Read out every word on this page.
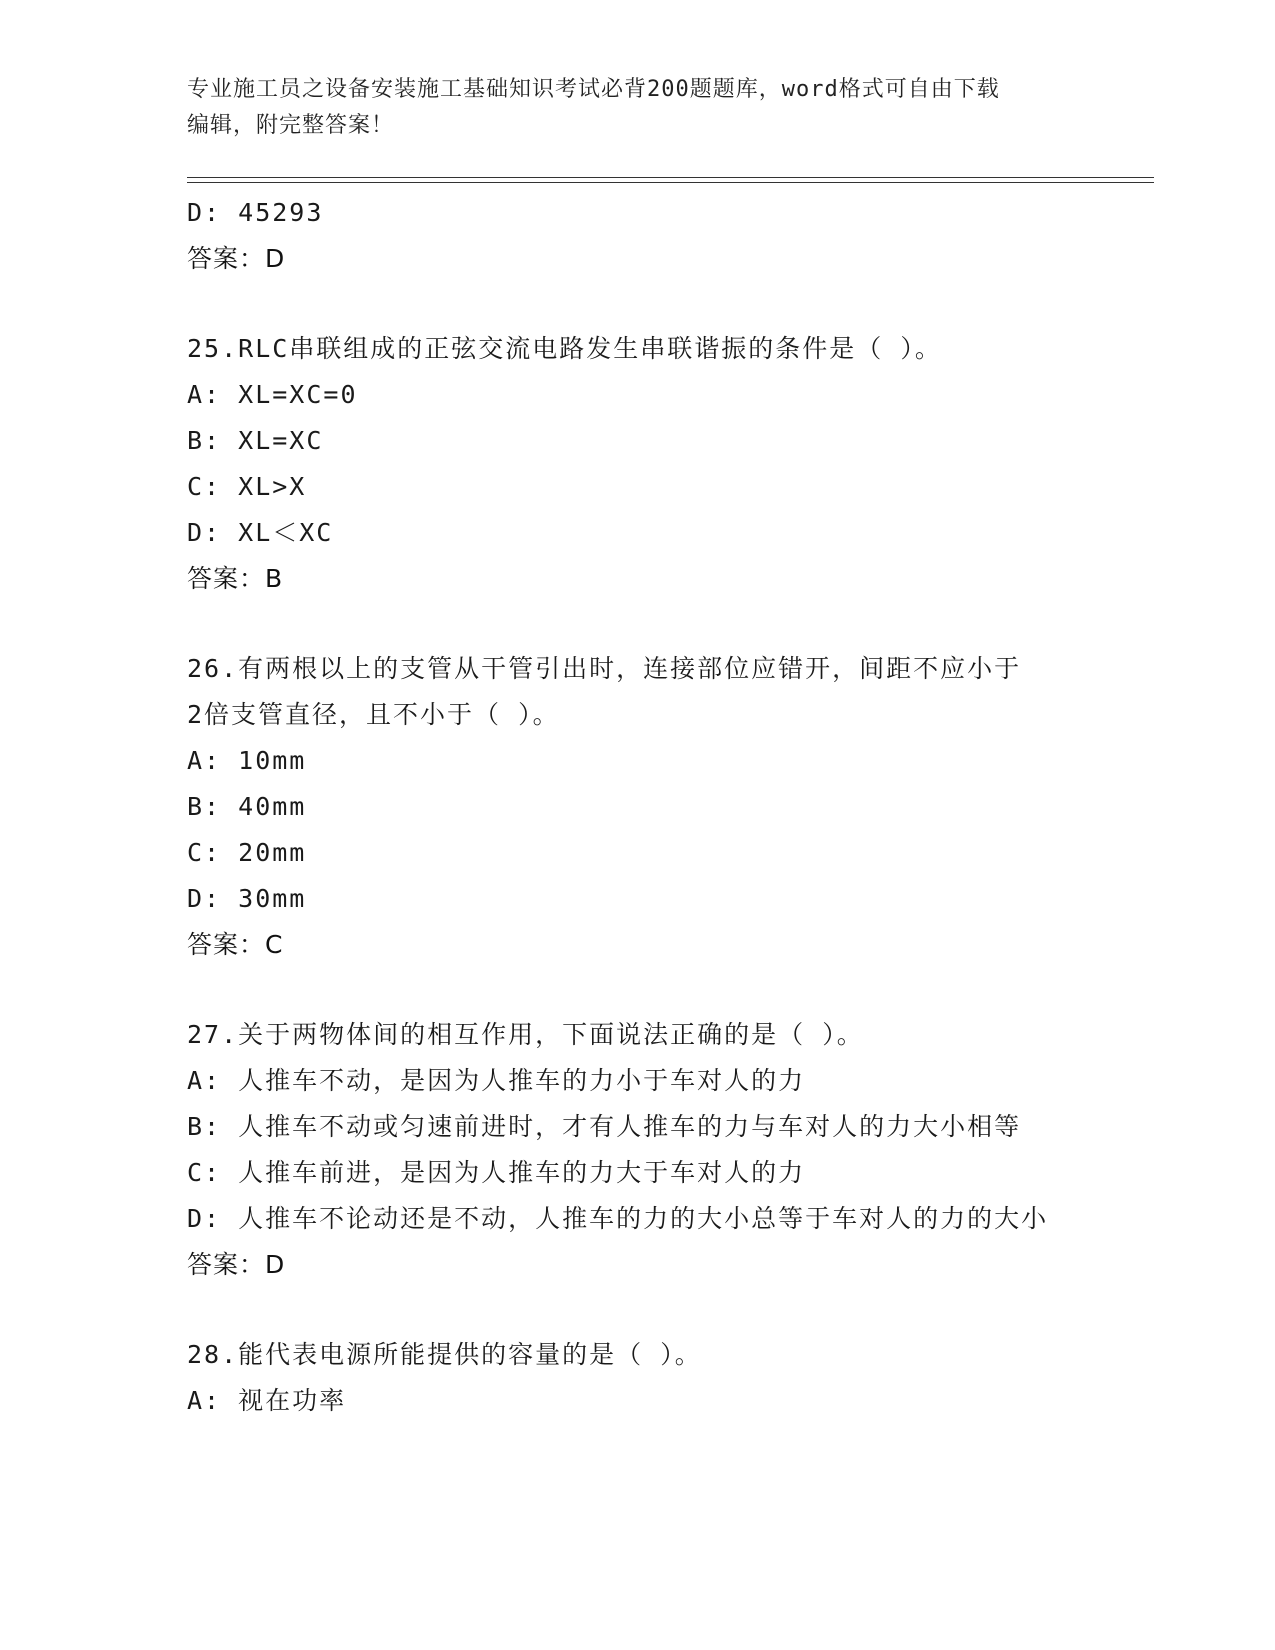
专业施工员之设备安装施工基础知识考试必背200题题库，word格式可自由下载
编辑，附完整答案！
D: 45293
答案：D
25.RLC串联组成的正弦交流电路发生串联谐振的条件是（ ）。
A: XL=XC=0
B: XL=XC
C: XL>X
D: XL＜XC
答案：B
26.有两根以上的支管从干管引出时，连接部位应错开，间距不应小于
2倍支管直径，且不小于（ ）。
A: 10mm
B: 40mm
C: 20mm
D: 30mm
答案：C
27.关于两物体间的相互作用，下面说法正确的是（ ）。
A: 人推车不动，是因为人推车的力小于车对人的力
B: 人推车不动或匀速前进时，才有人推车的力与车对人的力大小相等
C: 人推车前进，是因为人推车的力大于车对人的力
D: 人推车不论动还是不动，人推车的力的大小总等于车对人的力的大小
答案：D
28.能代表电源所能提供的容量的是（ ）。
A: 视在功率
